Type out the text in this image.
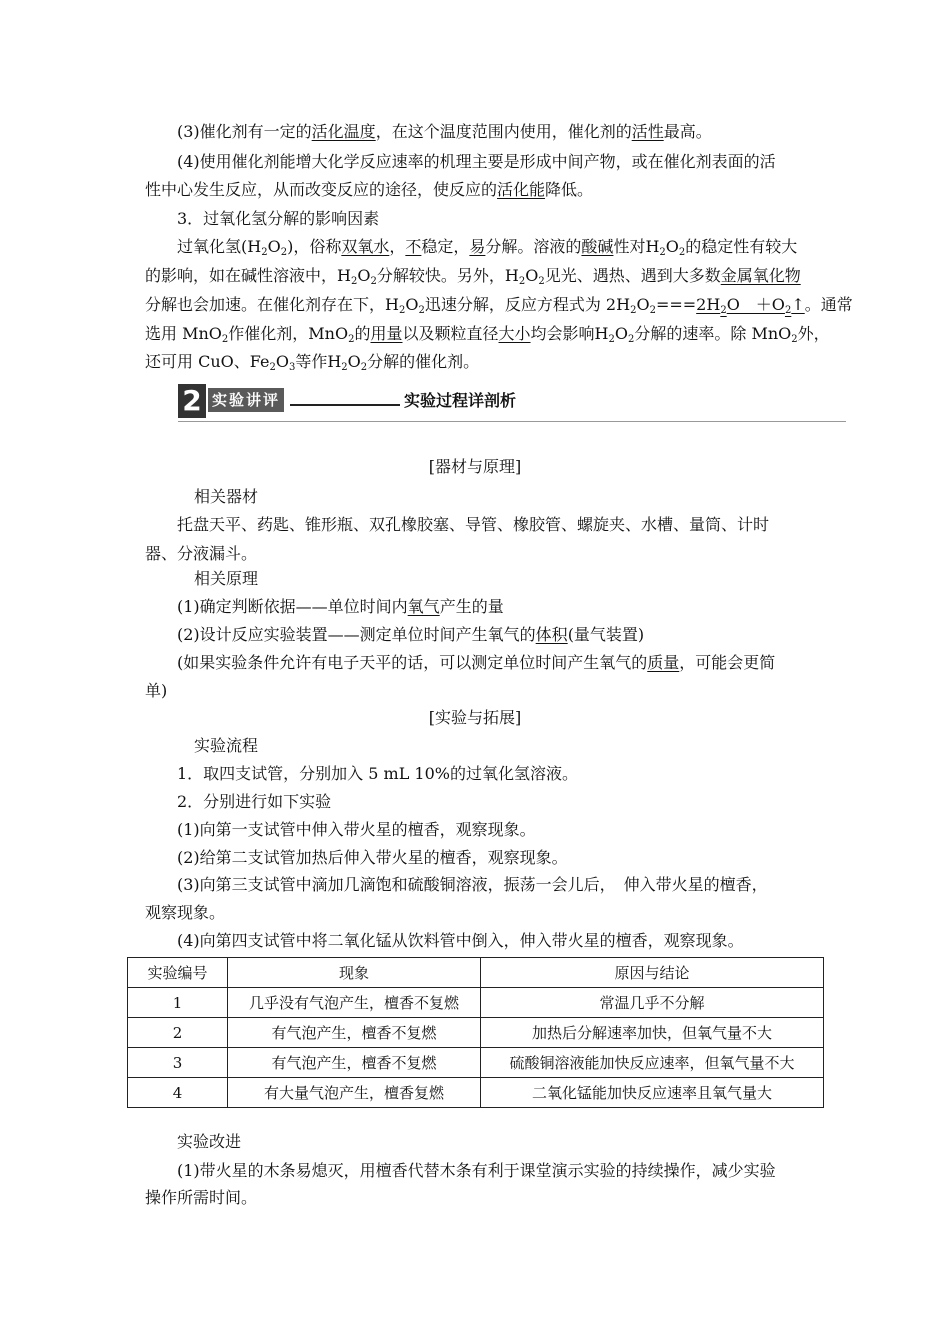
(3)催化剂有一定的活化温度，在这个温度范围内使用，催化剂的活性最高。
(4)使用催化剂能增大化学反应速率的机理主要是形成中间产物，或在催化剂表面的活
性中心发生反应，从而改变反应的途径，使反应的活化能降低。
3．过氧化氢分解的影响因素
过氧化氢$(H_2O_2)$，俗称双氧水，不稳定，易分解。溶液的酸碱性对$H_2O_2$的稳定性有较大
的影响，如在碱性溶液中，$H_2O_2$分解较快。另外，$H_2O_2$见光、遇热、遇到大多数金属氧化物
分解也会加速。在催化剂存在下，$H_2O_2$迅速分解，反应方程式为 $2H_2O_2===2H_2O$　$+O_2↑$。通常
选用 MnO$_2$作催化剂，MnO$_2$的用量以及颗粒直径大小均会影响$H_2O_2$分解的速率。除 MnO$_2$外，
还可用 CuO、$Fe_2O_3$等作$H_2O_2$分解的催化剂。
2 实验讲评	实验过程详剖析
[器材与原理]
相关器材
托盘天平、药匙、锥形瓶、双孔橡胶塞、导管、橡胶管、螺旋夹、水槽、量筒、计时
器、分液漏斗。
相关原理
(1)确定判断依据——单位时间内氧气产生的量
(2)设计反应实验装置——测定单位时间产生氧气的体积(量气装置)
(如果实验条件允许有电子天平的话，可以测定单位时间产生氧气的质量，可能会更简
单)
[实验与拓展]
实验流程
1．取四支试管，分别加入 5 mL 10%的过氧化氢溶液。
2．分别进行如下实验
(1)向第一支试管中伸入带火星的檀香，观察现象。
(2)给第二支试管加热后伸入带火星的檀香，观察现象。
(3)向第三支试管中滴加几滴饱和硫酸铜溶液，振荡一会儿后，　伸入带火星的檀香，
观察现象。
(4)向第四支试管中将二氧化锰从饮料管中倒入，伸入带火星的檀香，观察现象。
实验编号	现象	原因与结论
1	几乎没有气泡产生，檀香不复燃	常温几乎不分解
2	有气泡产生，檀香不复燃	加热后分解速率加快，但氧气量不大
3	有气泡产生，檀香不复燃	硫酸铜溶液能加快反应速率，但氧气量不大
4	有大量气泡产生，檀香复燃	二氧化锰能加快反应速率且氧气量大
实验改进
(1)带火星的木条易熄灭，用檀香代替木条有利于课堂演示实验的持续操作，减少实验
操作所需时间。
